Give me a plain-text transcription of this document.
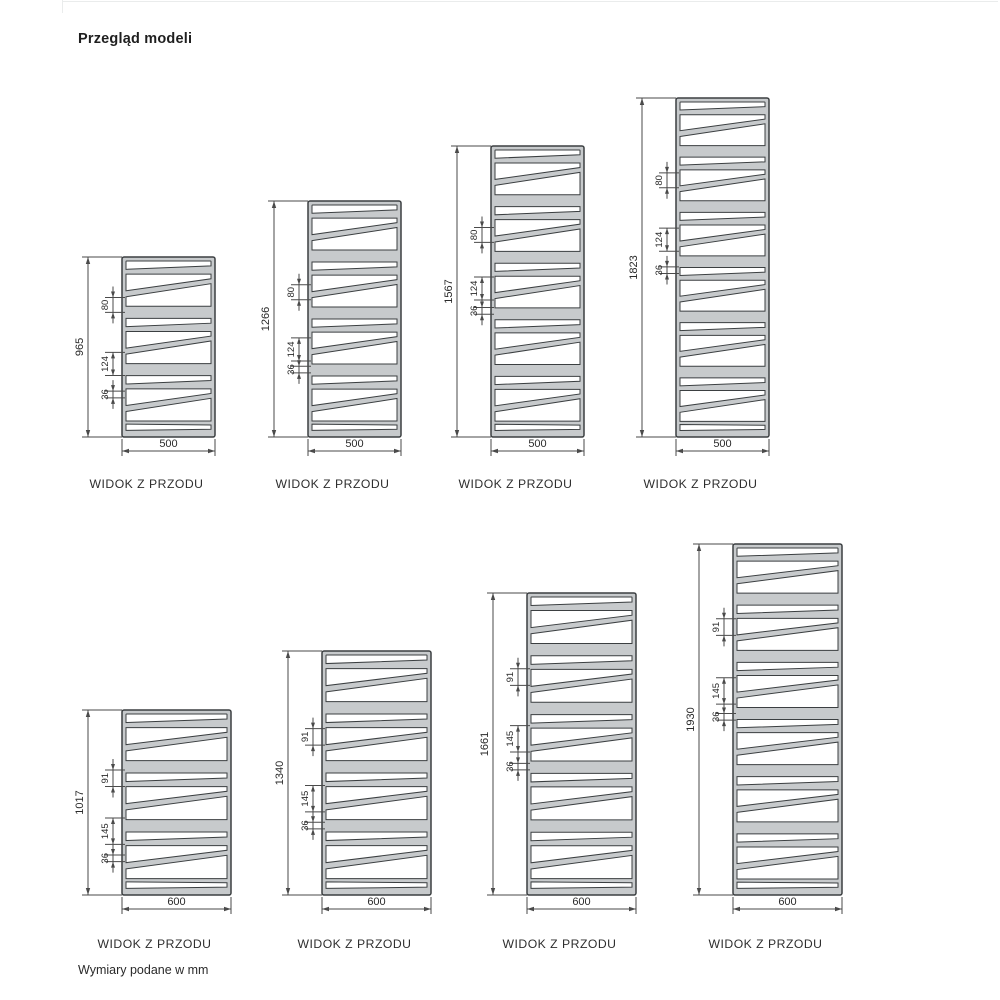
Przegląd modeli
965
80
124
36
500
WIDOK Z PRZODU
1266
80
124
36
500
WIDOK Z PRZODU
1567
80
124
36
500
WIDOK Z PRZODU
1823
80
124
36
500
WIDOK Z PRZODU
1017
91
145
36
600
WIDOK Z PRZODU
1340
91
145
36
600
WIDOK Z PRZODU
1661
91
145
36
600
WIDOK Z PRZODU
1930
91
145
36
600
WIDOK Z PRZODU
Wymiary podane w mm
